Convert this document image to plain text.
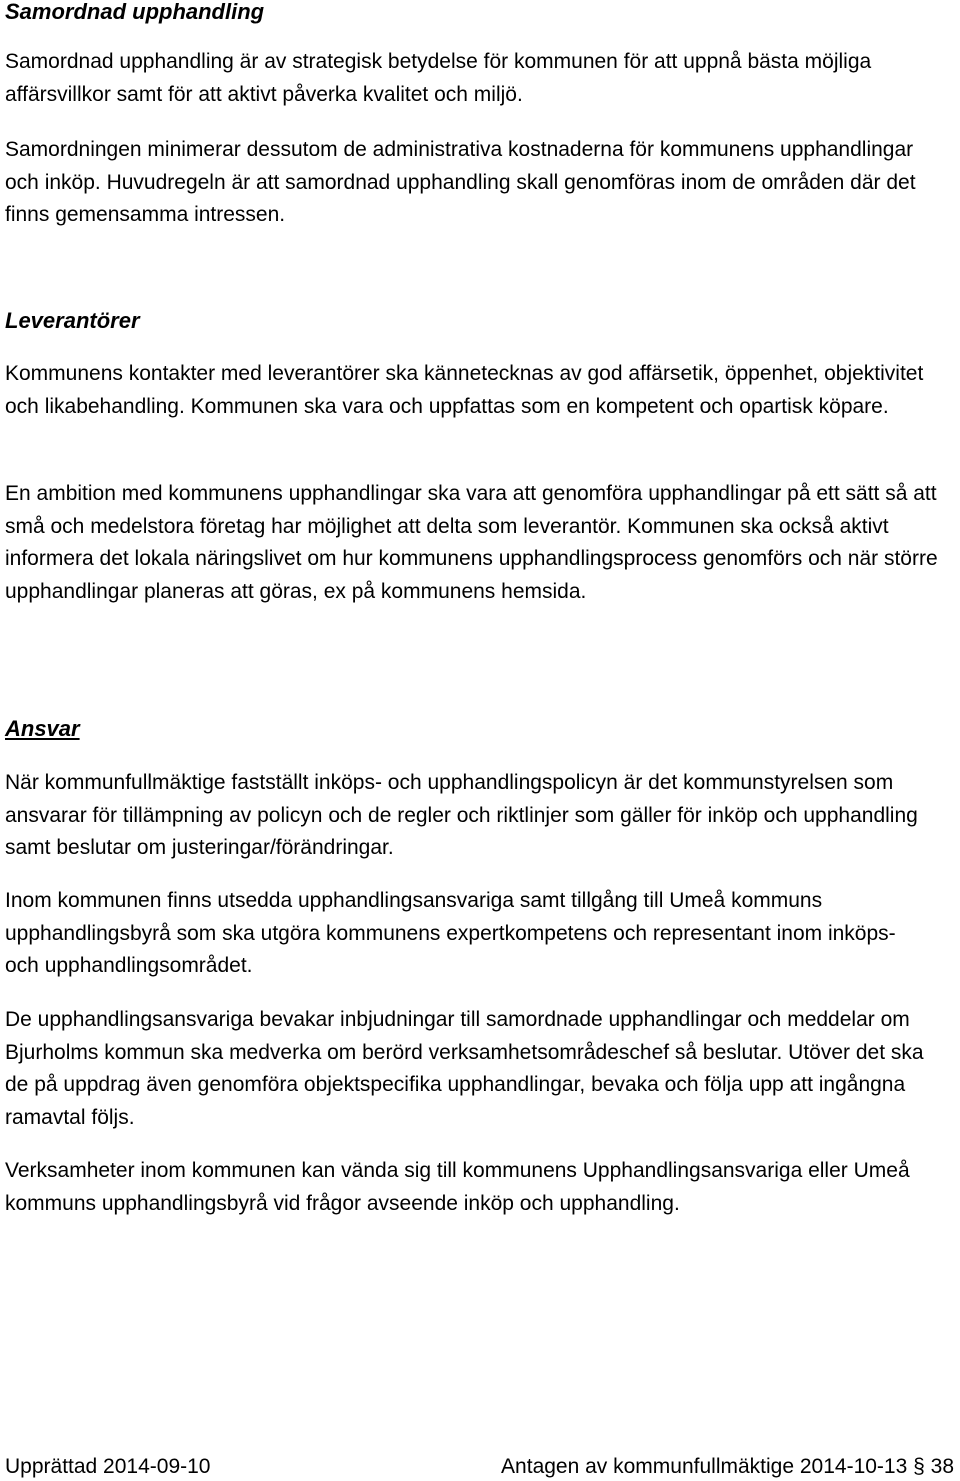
Samordnad upphandling

Samordnad upphandling är av strategisk betydelse för kommunen för att uppnå bästa möjliga affärsvillkor samt för att aktivt påverka kvalitet och miljö.

Samordningen minimerar dessutom de administrativa kostnaderna för kommunens upphandlingar och inköp. Huvudregeln är att samordnad upphandling skall genomföras inom de områden där det finns gemensamma intressen.

Leverantörer

Kommunens kontakter med leverantörer ska kännetecknas av god affärsetik, öppenhet, objektivitet och likabehandling. Kommunen ska vara och uppfattas som en kompetent och opartisk köpare.

En ambition med kommunens upphandlingar ska vara att genomföra upphandlingar på ett sätt så att små och medelstora företag har möjlighet att delta som leverantör. Kommunen ska också aktivt informera det lokala näringslivet om hur kommunens upphandlingsprocess genomförs och när större upphandlingar planeras att göras, ex på kommunens hemsida.

Ansvar

När kommunfullmäktige fastställt inköps- och upphandlingspolicyn är det kommunstyrelsen som ansvarar för tillämpning av policyn och de regler och riktlinjer som gäller för inköp och upphandling samt beslutar om justeringar/förändringar.

Inom kommunen finns utsedda upphandlingsansvariga samt tillgång till Umeå kommuns upphandlingsbyrå som ska utgöra kommunens expertkompetens och representant inom inköps- och upphandlingsområdet.

De upphandlingsansvariga bevakar inbjudningar till samordnade upphandlingar och meddelar om Bjurholms kommun ska medverka om berörd verksamhetsområdeschef så beslutar. Utöver det ska de på uppdrag även genomföra objektspecifika upphandlingar, bevaka och följa upp att ingångna ramavtal följs.

Verksamheter inom kommunen kan vända sig till kommunens Upphandlingsansvariga eller Umeå kommuns upphandlingsbyrå vid frågor avseende inköp och upphandling.

Upprättad 2014-09-10	Antagen av kommunfullmäktige 2014-10-13 § 38
